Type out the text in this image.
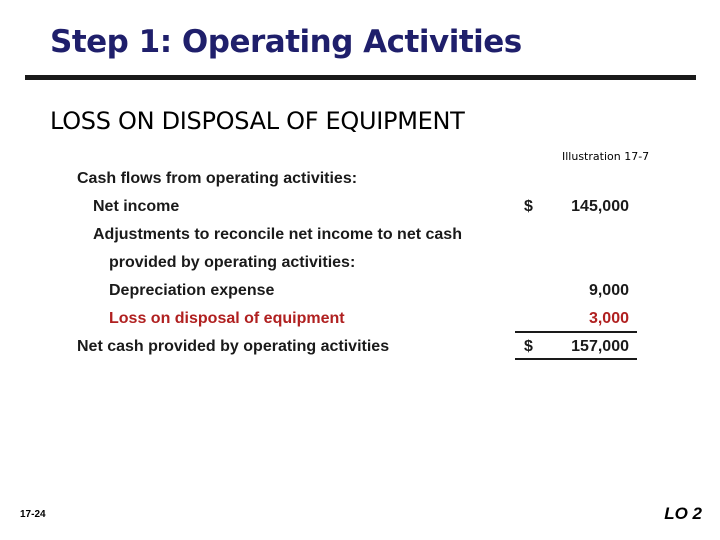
Step 1: Operating Activities
LOSS ON DISPOSAL OF EQUIPMENT
Illustration 17-7
Cash flows from operating activities:
Net income	$	145,000
Adjustments to reconcile net income to net cash
provided by operating activities:
Depreciation expense	9,000
Loss on disposal of equipment	3,000
Net cash provided by operating activities	$	157,000
17-24	LO 2
